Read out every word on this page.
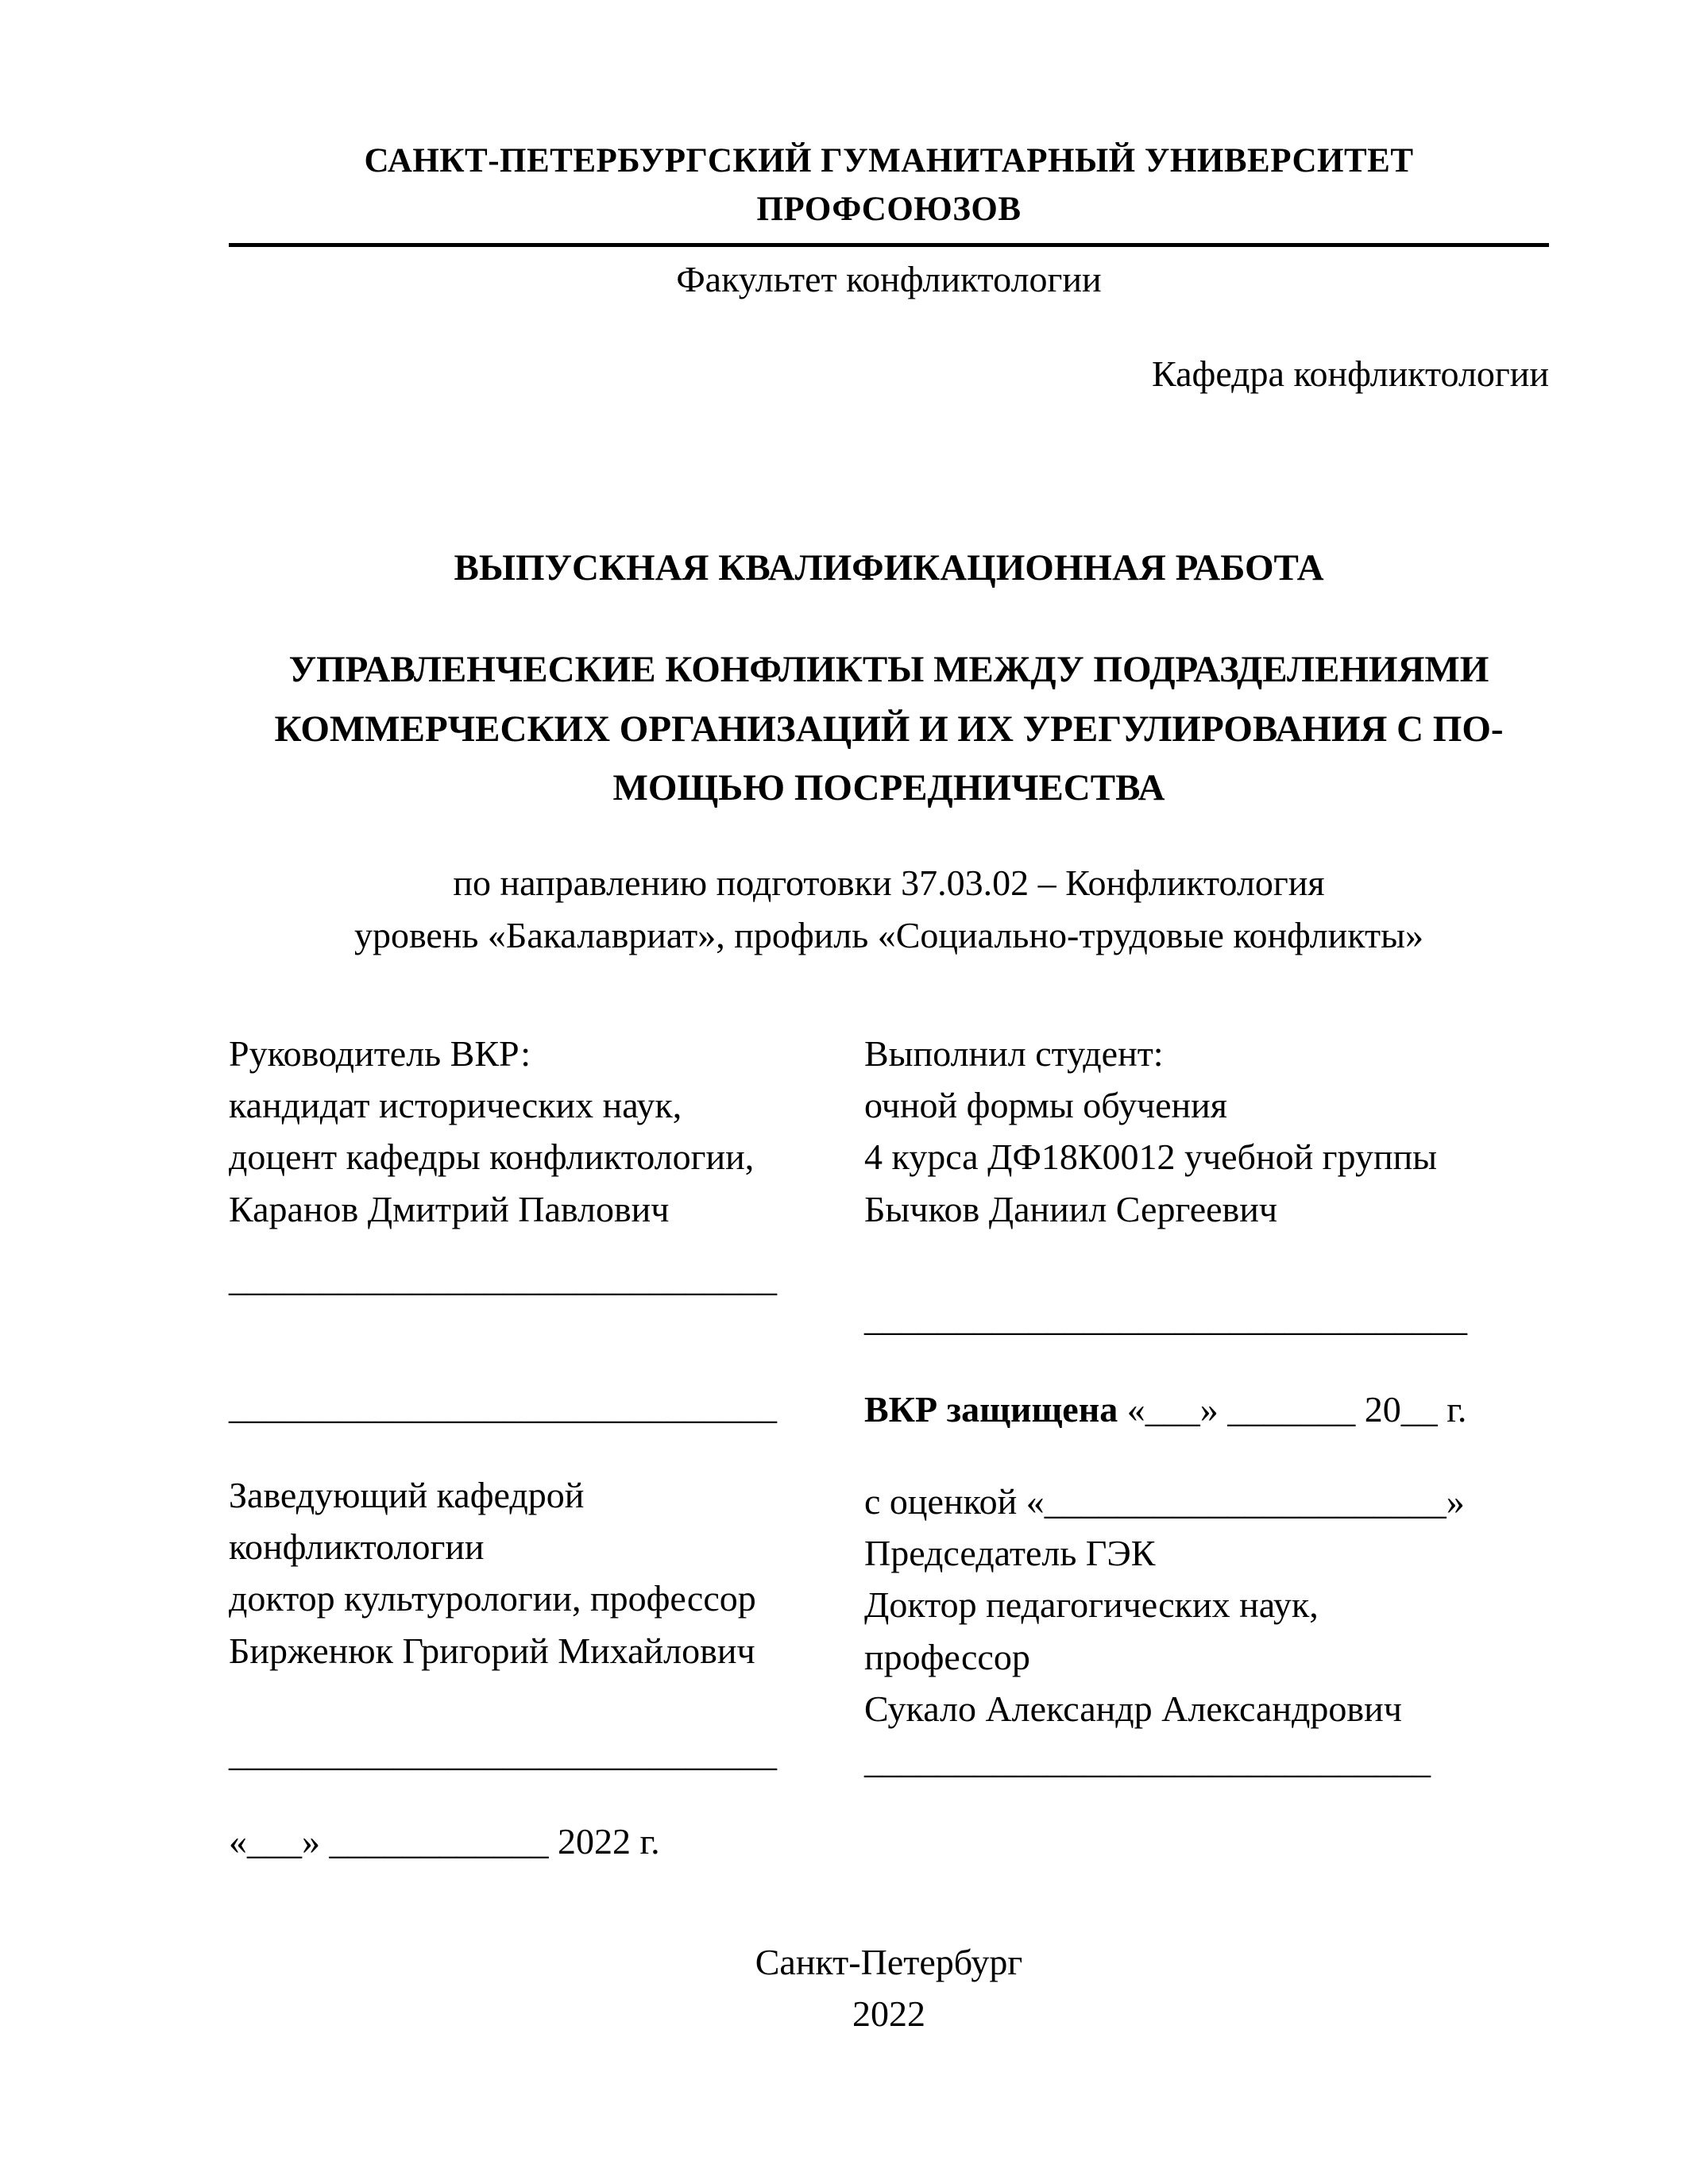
САНКТ-ПЕТЕРБУРГСКИЙ ГУМАНИТАРНЫЙ УНИВЕРСИТЕТ ПРОФСОЮЗОВ
Факультет конфликтологии
Кафедра конфликтологии
ВЫПУСКНАЯ КВАЛИФИКАЦИОННАЯ РАБОТА
УПРАВЛЕНЧЕСКИЕ КОНФЛИКТЫ МЕЖДУ ПОДРАЗДЕЛЕНИЯМИ
КОММЕРЧЕСКИХ ОРГАНИЗАЦИЙ И ИХ УРЕГУЛИРОВАНИЯ С ПО-
МОЩЬЮ ПОСРЕДНИЧЕСТВА
по направлению подготовки 37.03.02 – Конфликтология
уровень «Бакалавриат», профиль «Социально-трудовые конфликты»
Руководитель ВКР:
кандидат исторических наук,
доцент кафедры конфликтологии,
Каранов Дмитрий Павлович
______________________________
______________________________
Заведующий кафедрой
конфликтологии
доктор культурологии, профессор
Бирженюк Григорий Михайлович
______________________________
«___» ____________ 2022 г.
Выполнил студент:
очной формы обучения
4 курса ДФ18К0012 учебной группы
Бычков Даниил Сергеевич
_________________________________
ВКР защищена «___» _______ 20__ г.
с оценкой «______________________»
Председатель ГЭК
Доктор педагогических наук,
профессор
Сукало Александр Александрович
_______________________________
Санкт-Петербург
2022
